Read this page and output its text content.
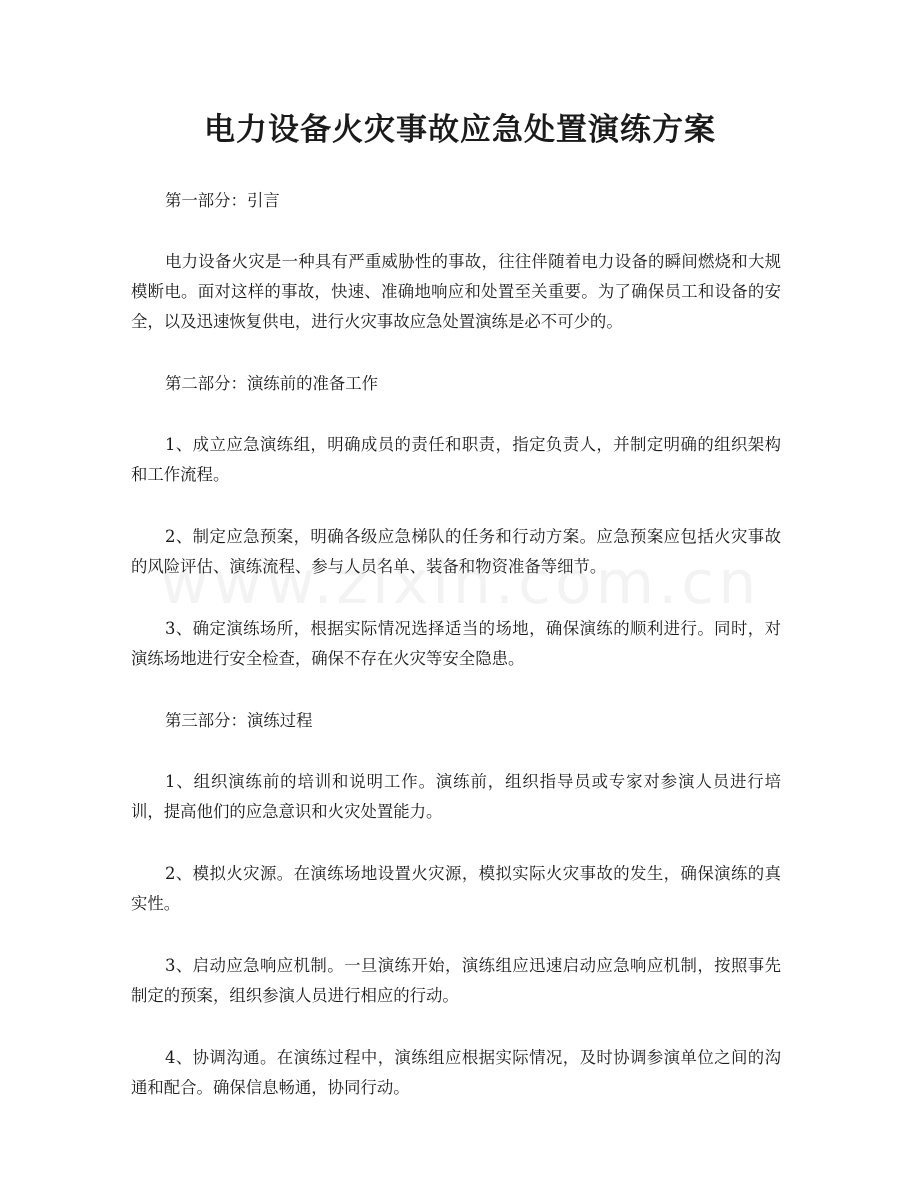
电力设备火灾事故应急处置演练方案

第一部分：引言

电力设备火灾是一种具有严重威胁性的事故，往往伴随着电力设备的瞬间燃烧和大规模断电。面对这样的事故，快速、准确地响应和处置至关重要。为了确保员工和设备的安全，以及迅速恢复供电，进行火灾事故应急处置演练是必不可少的。

第二部分：演练前的准备工作

1、成立应急演练组，明确成员的责任和职责，指定负责人，并制定明确的组织架构和工作流程。

2、制定应急预案，明确各级应急梯队的任务和行动方案。应急预案应包括火灾事故的风险评估、演练流程、参与人员名单、装备和物资准备等细节。

3、确定演练场所，根据实际情况选择适当的场地，确保演练的顺利进行。同时，对演练场地进行安全检查，确保不存在火灾等安全隐患。

第三部分：演练过程

1、组织演练前的培训和说明工作。演练前，组织指导员或专家对参演人员进行培训，提高他们的应急意识和火灾处置能力。

2、模拟火灾源。在演练场地设置火灾源，模拟实际火灾事故的发生，确保演练的真实性。

3、启动应急响应机制。一旦演练开始，演练组应迅速启动应急响应机制，按照事先制定的预案，组织参演人员进行相应的行动。

4、协调沟通。在演练过程中，演练组应根据实际情况，及时协调参演单位之间的沟通和配合。确保信息畅通，协同行动。
